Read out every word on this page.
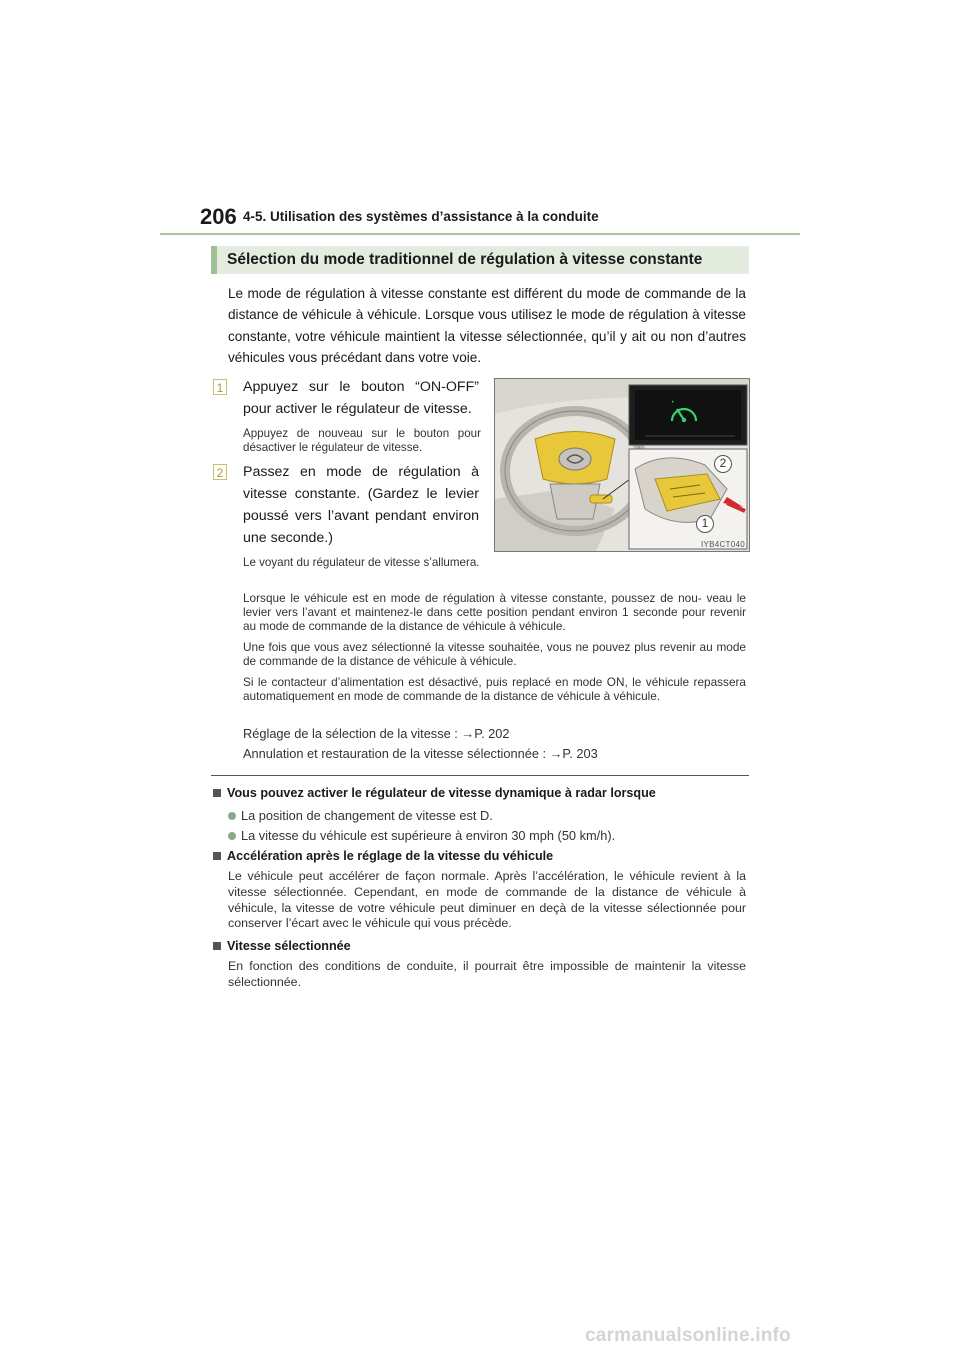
206 4-5. Utilisation des systèmes d’assistance à la conduite
Sélection du mode traditionnel de régulation à vitesse constante
Le mode de régulation à vitesse constante est différent du mode de commande de la distance de véhicule à véhicule. Lorsque vous utilisez le mode de régulation à vitesse constante, votre véhicule maintient la vitesse sélectionnée, qu’il y ait ou non d’autres véhicules vous précédant dans votre voie.
1 Appuyez sur le bouton “ON-OFF” pour activer le régulateur de vitesse.
Appuyez de nouveau sur le bouton pour désactiver le régulateur de vitesse.
2 Passez en mode de régulation à vitesse constante. (Gardez le levier poussé vers l’avant pendant environ une seconde.)
Le voyant du régulateur de vitesse s’allumera.
•
2
1
IYB4CT040
Lorsque le véhicule est en mode de régulation à vitesse constante, poussez de nou- veau le levier vers l’avant et maintenez-le dans cette position pendant environ 1 seconde pour revenir au mode de commande de la distance de véhicule à véhicule.
Une fois que vous avez sélectionné la vitesse souhaitée, vous ne pouvez plus revenir au mode de commande de la distance de véhicule à véhicule.
Si le contacteur d’alimentation est désactivé, puis replacé en mode ON, le véhicule repassera automatiquement en mode de commande de la distance de véhicule à véhicule.
Réglage de la sélection de la vitesse : →P. 202
Annulation et restauration de la vitesse sélectionnée : →P. 203
Vous pouvez activer le régulateur de vitesse dynamique à radar lorsque
La position de changement de vitesse est D.
La vitesse du véhicule est supérieure à environ 30 mph (50 km/h).
Accélération après le réglage de la vitesse du véhicule
Le véhicule peut accélérer de façon normale. Après l’accélération, le véhicule revient à la vitesse sélectionnée. Cependant, en mode de commande de la distance de véhicule à véhicule, la vitesse de votre véhicule peut diminuer en deçà de la vitesse sélectionnée pour conserver l’écart avec le véhicule qui vous précède.
Vitesse sélectionnée
En fonction des conditions de conduite, il pourrait être impossible de maintenir la vitesse sélectionnée.
carmanualsonline.info
